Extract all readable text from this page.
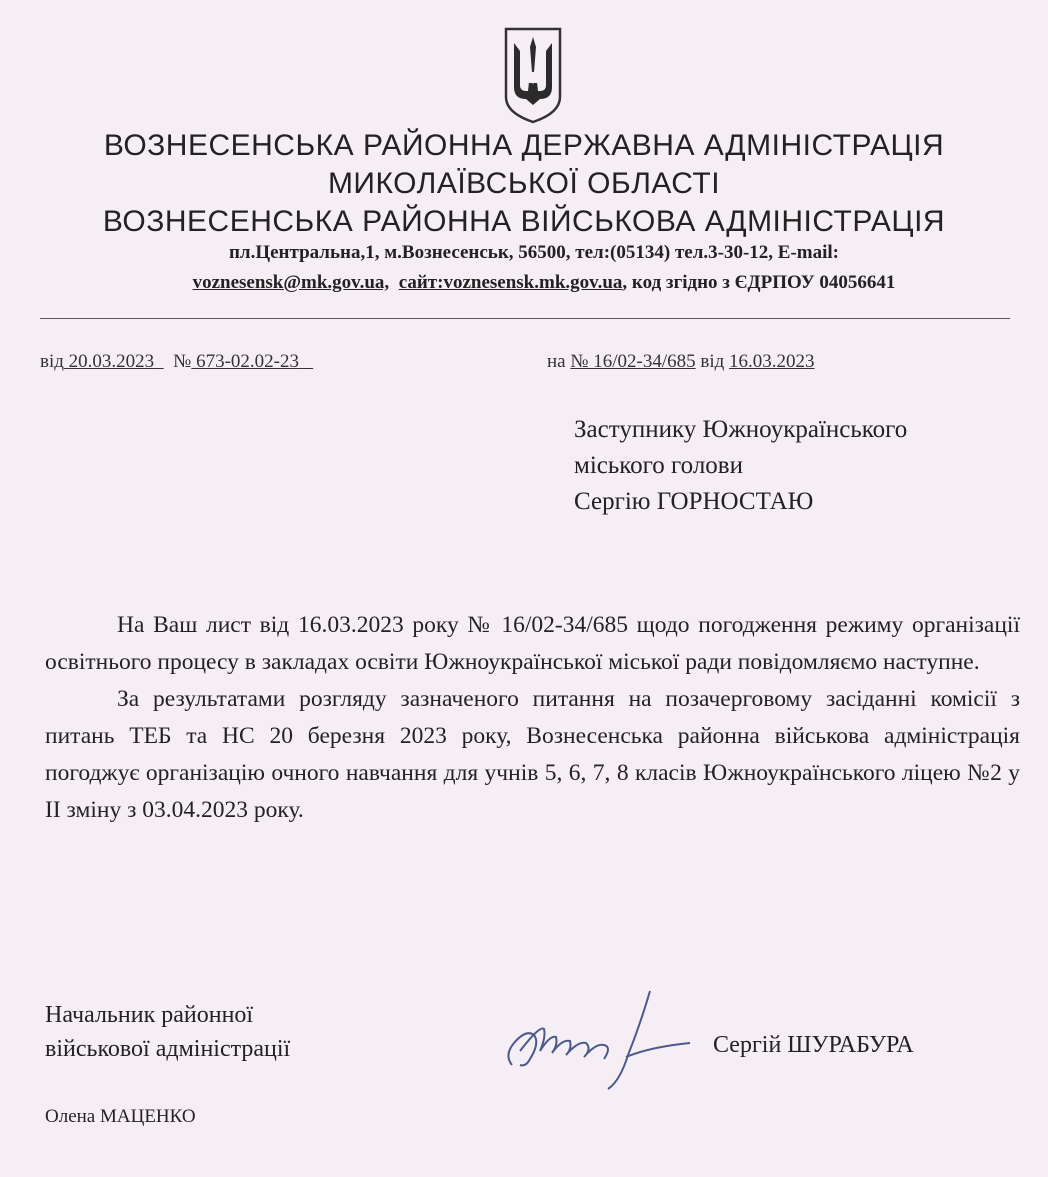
ВОЗНЕСЕНСЬКА РАЙОННА ДЕРЖАВНА АДМІНІСТРАЦІЯ
МИКОЛАЇВСЬКОЇ ОБЛАСТІ
ВОЗНЕСЕНСЬКА РАЙОННА ВІЙСЬКОВА АДМІНІСТРАЦІЯ
пл.Центральна,1, м.Вознесенськ, 56500, тел:(05134) тел.3-30-12, E-mail:
voznesensk@mk.gov.ua, сайт:voznesensk.mk.gov.ua, код згідно з ЄДРПОУ 04056641
від 20.03.2023 № 673-02.02-23	на № 16/02-34/685 від 16.03.2023
Заступнику Южноукраїнського
міського голови
Сергію ГОРНОСТАЮ

На Ваш лист від 16.03.2023 року № 16/02-34/685 щодо погодження режиму організації освітнього процесу в закладах освіти Южноукраїнської міської ради повідомляємо наступне.

За результатами розгляду зазначеного питання на позачерговому засіданні комісії з питань ТЕБ та НС 20 березня 2023 року, Вознесенська районна військова адміністрація погоджує організацію очного навчання для учнів 5, 6, 7, 8 класів Южноукраїнського ліцею №2 у ІІ зміну з 03.04.2023 року.

Начальник районної
військової адміністрації	Сергій ШУРАБУРА
Олена МАЦЕНКО
